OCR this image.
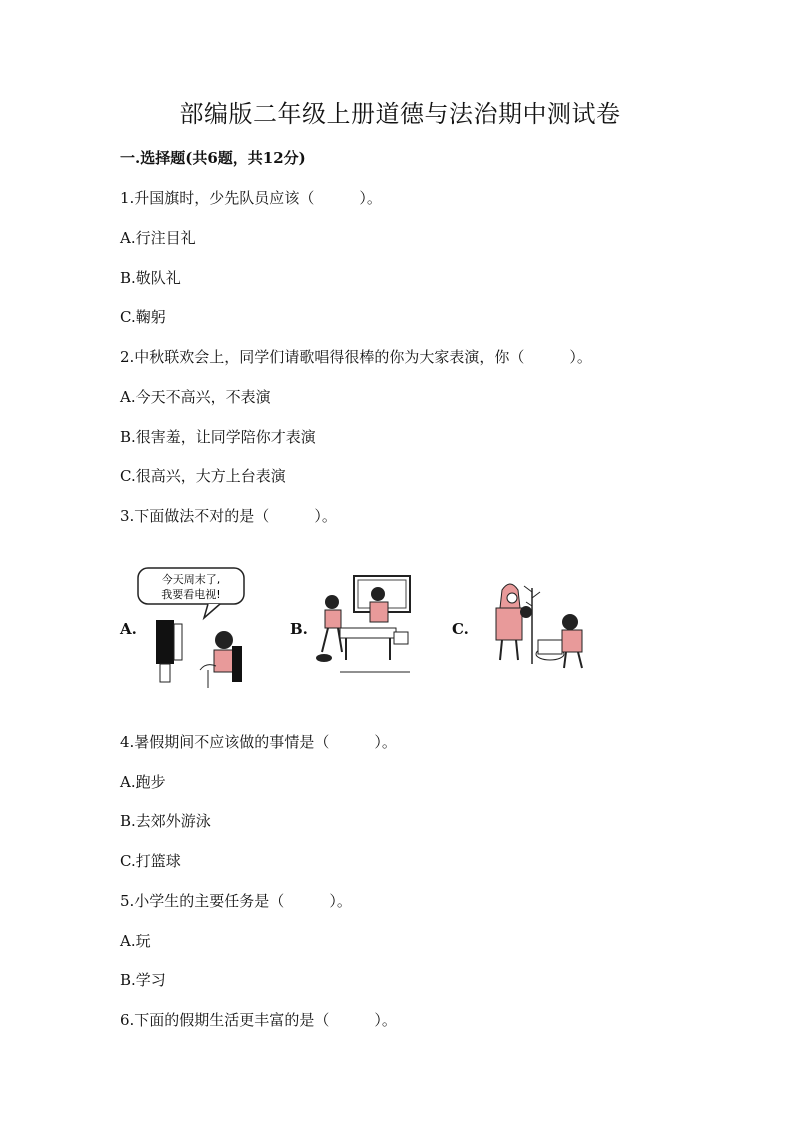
部编版二年级上册道德与法治期中测试卷
一.选择题(共6题，共12分)
1.升国旗时，少先队员应该（　　　）。
A.行注目礼
B.敬队礼
C.鞠躬
2.中秋联欢会上，同学们请歌唱得很棒的你为大家表演，你（　　　）。
A.今天不高兴，不表演
B.很害羞，让同学陪你才表演
C.很高兴，大方上台表演
3.下面做法不对的是（　　　）。
A.	B.	C.
今天周末了,
我要看电视!
4.暑假期间不应该做的事情是（　　　）。
A.跑步
B.去郊外游泳
C.打篮球
5.小学生的主要任务是（　　　）。
A.玩
B.学习
6.下面的假期生活更丰富的是（　　　）。
